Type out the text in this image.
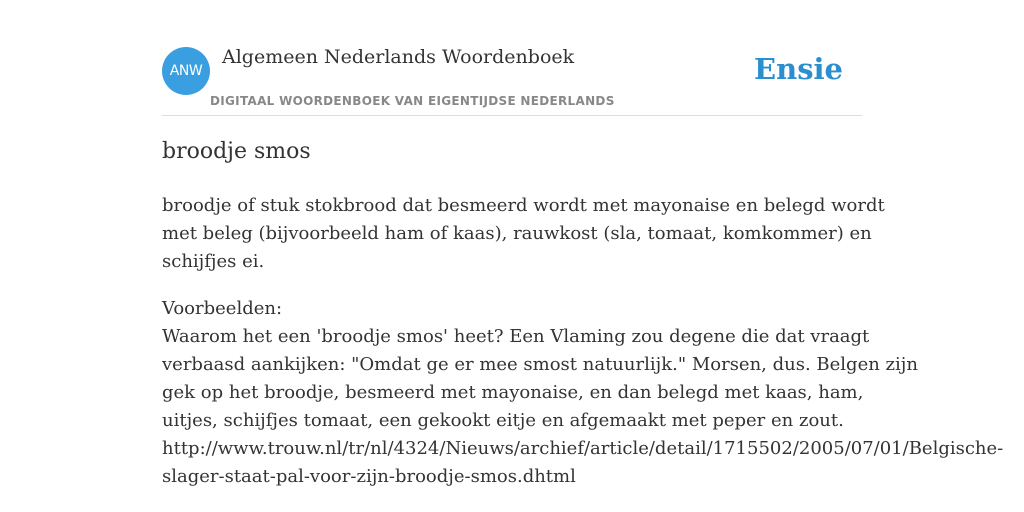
ANW
Algemeen Nederlands Woordenboek
DIGITAAL WOORDENBOEK VAN EIGENTIJDSE NEDERLANDS
Ensie
broodje smos
broodje of stuk stokbrood dat besmeerd wordt met mayonaise en belegd wordt
met beleg (bijvoorbeeld ham of kaas), rauwkost (sla, tomaat, komkommer) en
schijfjes ei.
Voorbeelden:
Waarom het een 'broodje smos' heet? Een Vlaming zou degene die dat vraagt
verbaasd aankijken: "Omdat ge er mee smost natuurlijk." Morsen, dus. Belgen zijn
gek op het broodje, besmeerd met mayonaise, en dan belegd met kaas, ham,
uitjes, schijfjes tomaat, een gekookt eitje en afgemaakt met peper en zout.
http://www.trouw.nl/tr/nl/4324/Nieuws/archief/article/detail/1715502/2005/07/01/Belgische-
slager-staat-pal-voor-zijn-broodje-smos.dhtml
